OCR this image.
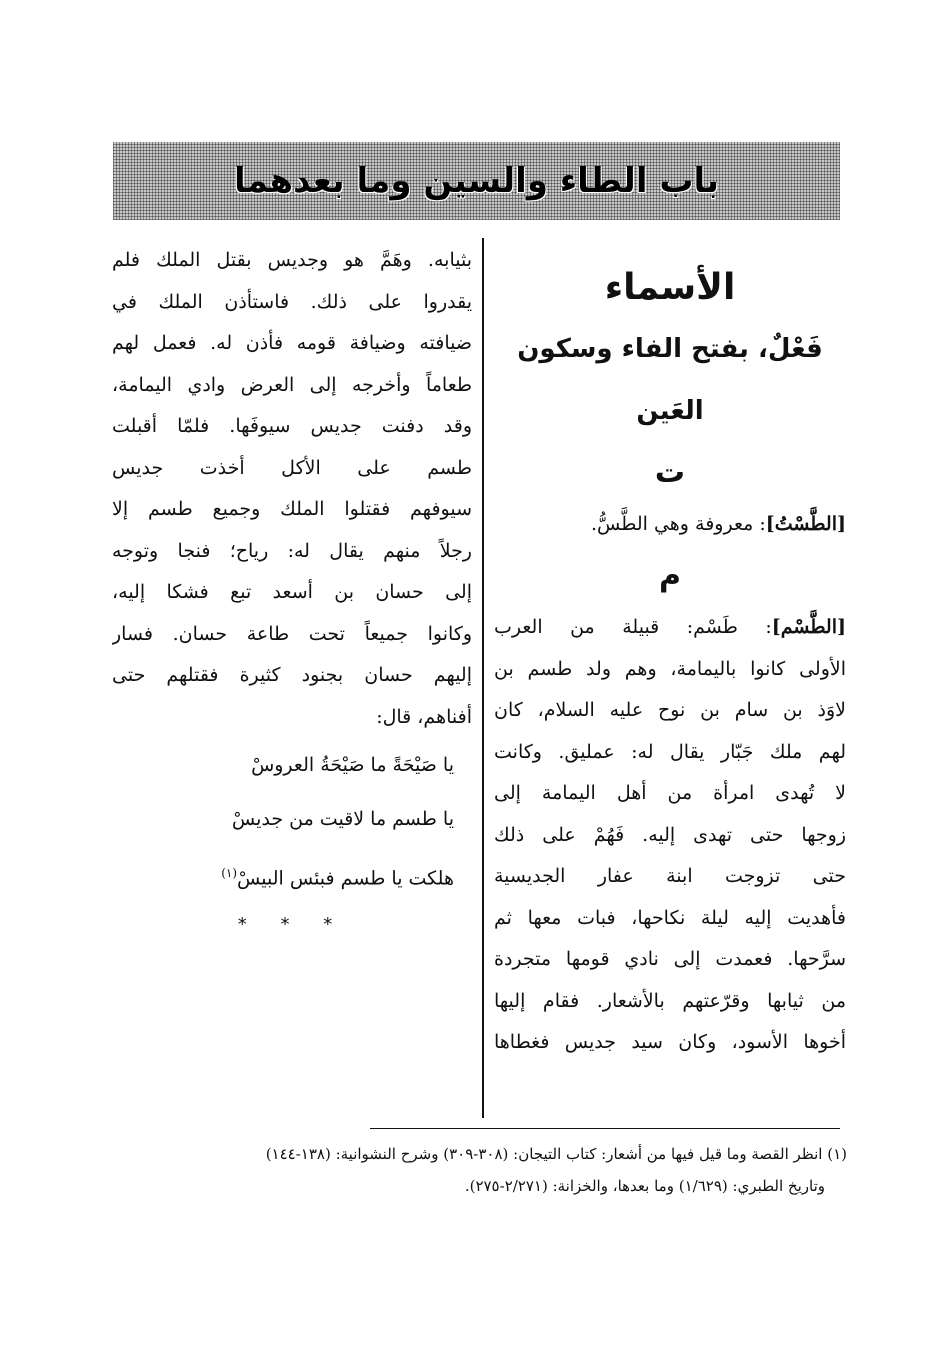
باب الطاء والسين وما بعدهما

الأسماء

فَعْلٌ، بفتح الفاء وسكون العَين

ت

[الطَّسْتُ]: معروفة وهي الطَّسُّ.

م

[الطَّسْم]: طَسْم: قبيلة من العرب

الأولى كانوا باليمامة، وهم ولد طسم بن

لاوَذ بن سام بن نوح عليه السلام، كان

لهم ملك جَبّار يقال له: عمليق. وكانت

لا تُهدى امرأة من أهل اليمامة إلى

زوجها حتى تهدى إليه. فَهُمْ على ذلك

حتى تزوجت ابنة عفار الجديسية

فأهديت إليه ليلة نكاحها، فبات معها ثم

سرَّحها. فعمدت إلى نادي قومها متجردة

من ثيابها وقرّعتهم بالأشعار. فقام إليها

أخوها الأسود، وكان سيد جديس فغطاها

بثيابه. وهَمَّ هو وجديس بقتل الملك فلم

يقدروا على ذلك. فاستأذن الملك في

ضيافته وضيافة قومه فأذن له. فعمل لهم

طعاماً وأخرجه إلى العرض وادي اليمامة،

وقد دفنت جديس سيوفَها. فلمّا أقبلت

طسم على الأكل أخذت جديس

سيوفهم فقتلوا الملك وجميع طسم إلا

رجلاً منهم يقال له: رياح؛ فنجا وتوجه

إلى حسان بن أسعد تبع فشكا إليه،

وكانوا جميعاً تحت طاعة حسان. فسار

إليهم حسان بجنود كثيرة فقتلهم حتى

أفناهم، قال:

يا صَيْحَةً ما صَيْحَةُ العروسْ

يا طسم ما لاقيت من جديسْ

هلكت يا طسم فبئس البيسْ$^{(١)}$

* * *

(١) انظر القصة وما قيل فيها من أشعار: كتاب التيجان: (٣٠٨-٣٠٩) وشرح النشوانية: (١٣٨-١٤٤)

وتاريخ الطبري: (١/٦٢٩) وما بعدها، والخزانة: (٢/٢٧١-٢٧٥).
